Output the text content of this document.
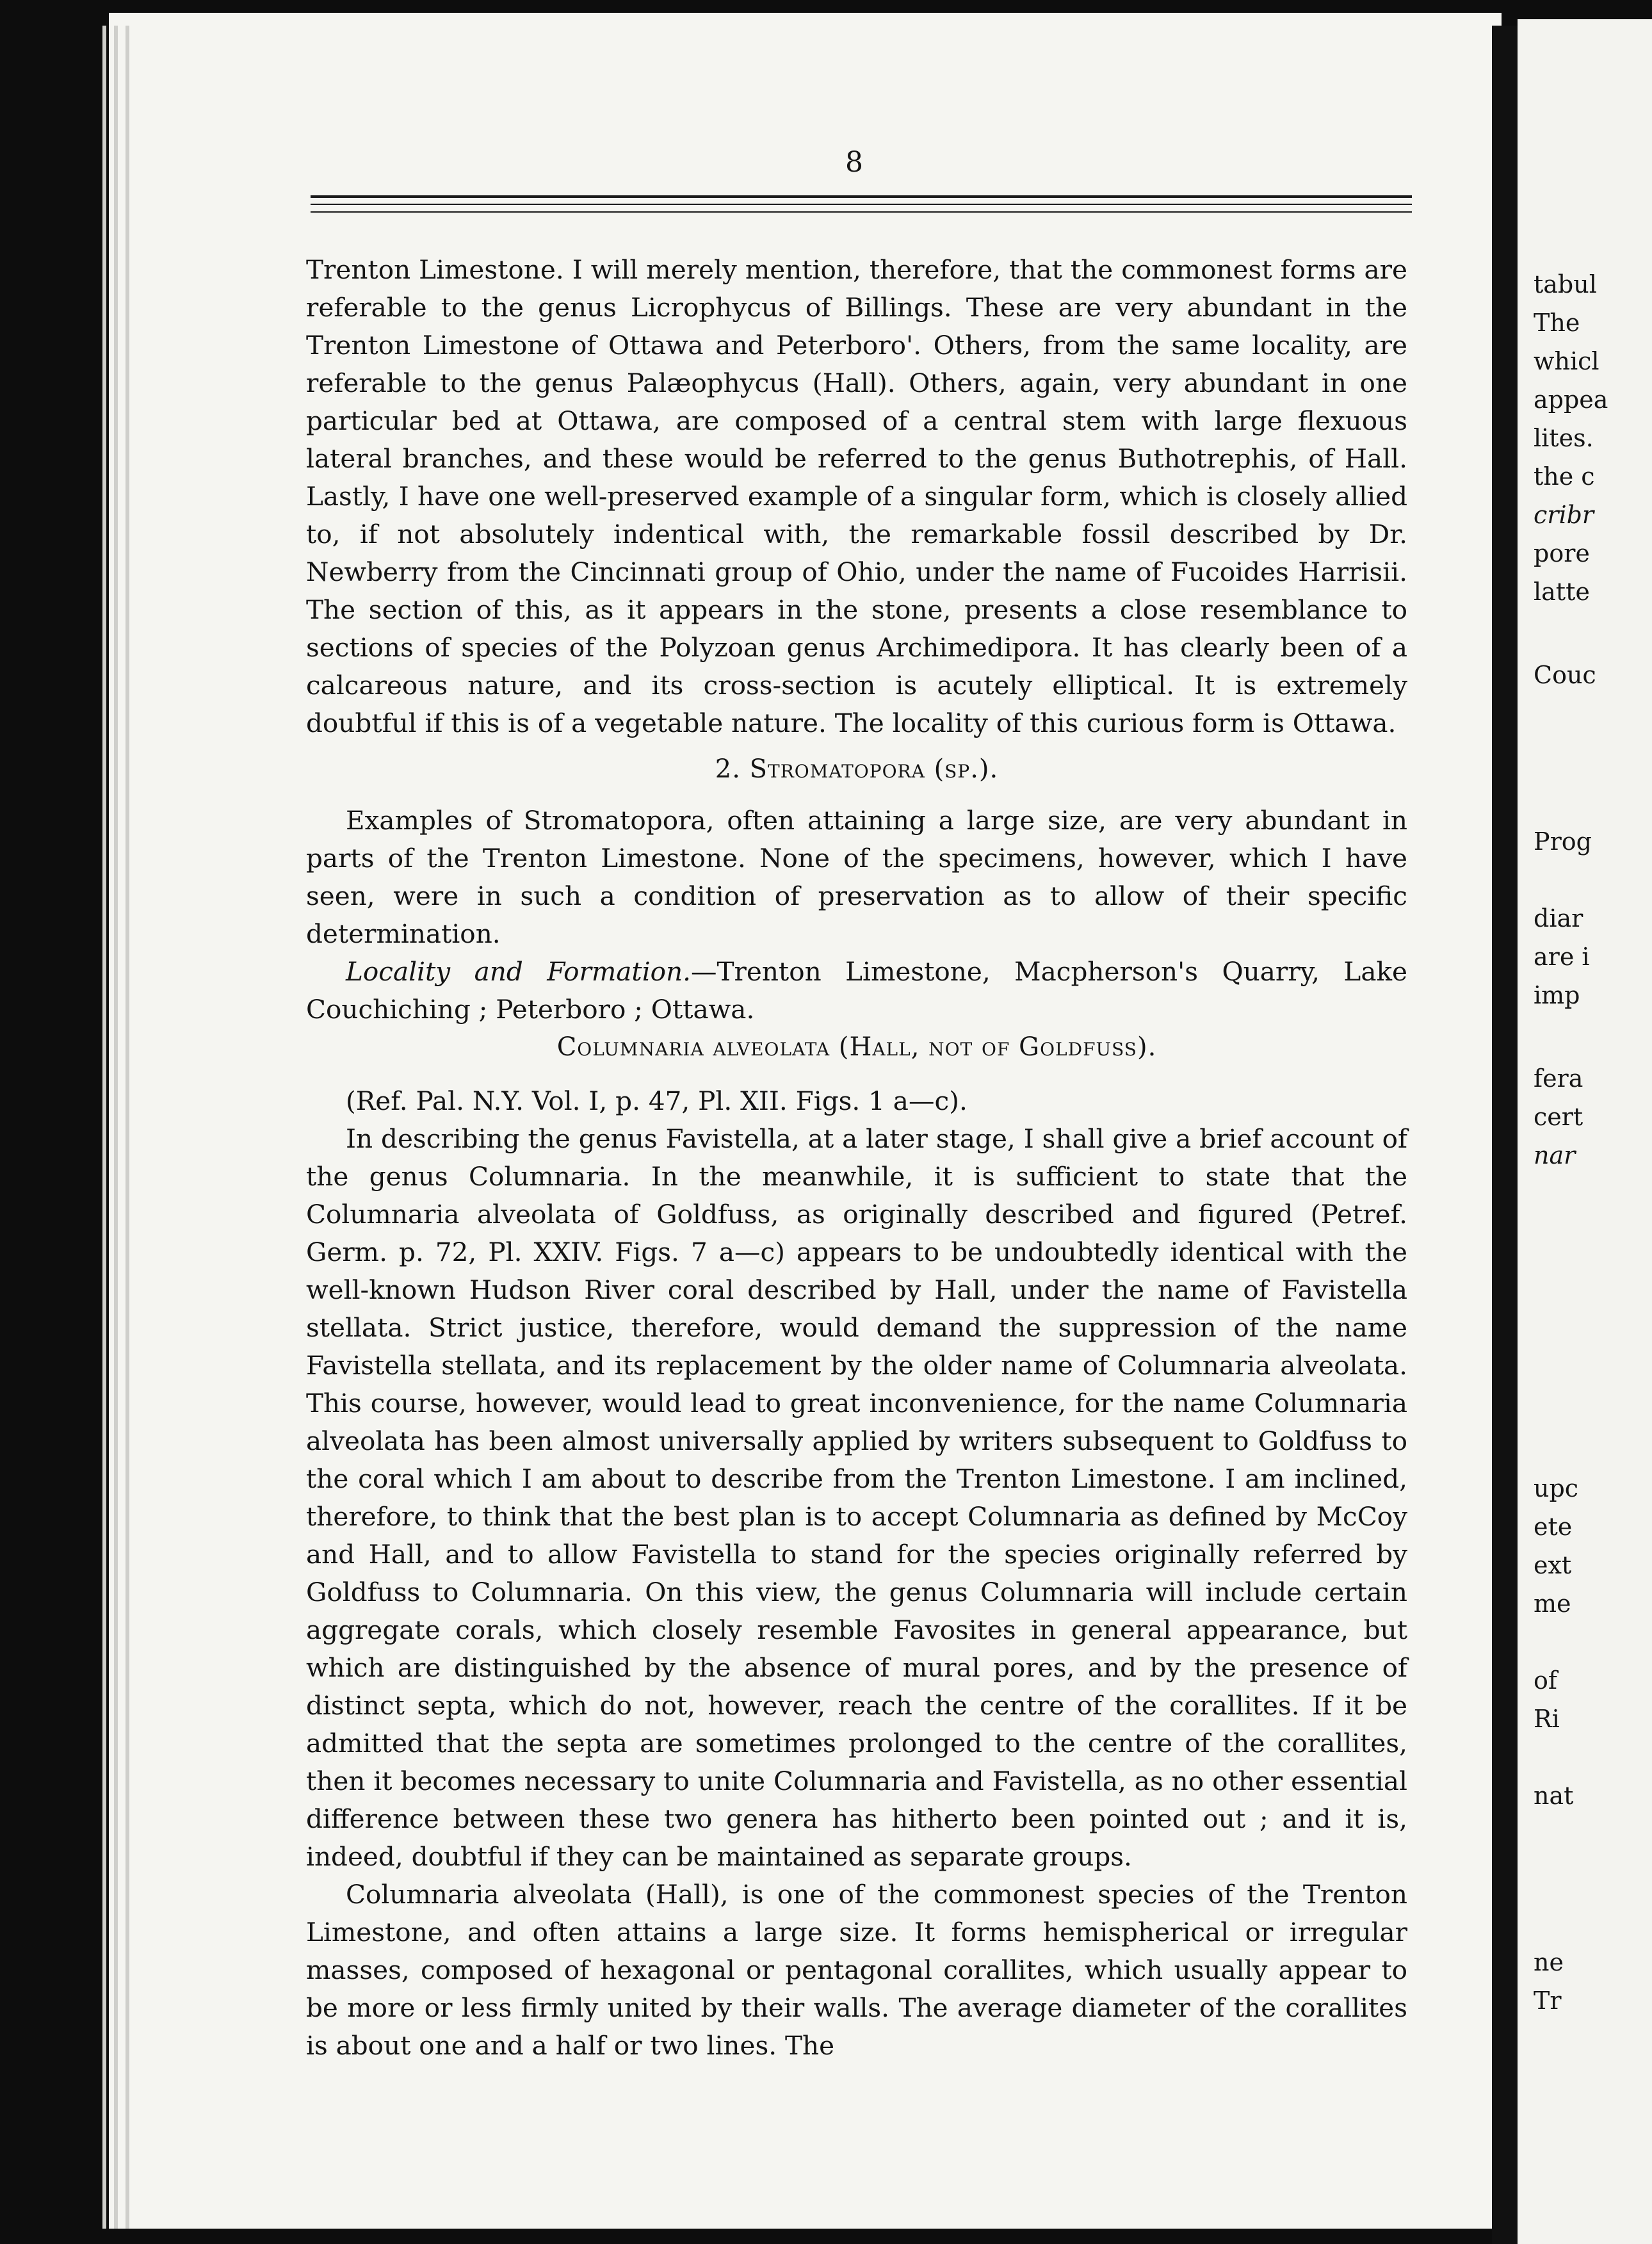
8

Trenton Limestone. I will merely mention, therefore, that the commonest forms are referable to the genus Licrophycus of Billings. These are very abundant in the Trenton Limestone of Ottawa and Peterboro'. Others, from the same locality, are referable to the genus Palæophycus (Hall). Others, again, very abundant in one particular bed at Ottawa, are composed of a central stem with large flexuous lateral branches, and these would be referred to the genus Buthotrephis, of Hall. Lastly, I have one well-preserved example of a singular form, which is closely allied to, if not absolutely indentical with, the remarkable fossil described by Dr. Newberry from the Cincinnati group of Ohio, under the name of Fucoides Harrisii. The section of this, as it appears in the stone, presents a close resemblance to sections of species of the Polyzoan genus Archimedipora. It has clearly been of a calcareous nature, and its cross-section is acutely elliptical. It is extremely doubtful if this is of a vegetable nature. The locality of this curious form is Ottawa.

2. Stromatopora (sp.).

Examples of Stromatopora, often attaining a large size, are very abundant in parts of the Trenton Limestone. None of the specimens, however, which I have seen, were in such a condition of preservation as to allow of their specific determination.

Locality and Formation.—Trenton Limestone, Macpherson's Quarry, Lake Couchiching ; Peterboro ; Ottawa.

Columnaria alveolata (Hall, not of Goldfuss).

(Ref. Pal. N.Y. Vol. I, p. 47, Pl. XII. Figs. 1 a—c).

In describing the genus Favistella, at a later stage, I shall give a brief account of the genus Columnaria. In the meanwhile, it is sufficient to state that the Columnaria alveolata of Goldfuss, as originally described and figured (Petref. Germ. p. 72, Pl. XXIV. Figs. 7 a—c) appears to be undoubtedly identical with the well-known Hudson River coral described by Hall, under the name of Favistella stellata. Strict justice, therefore, would demand the suppression of the name Favistella stellata, and its replacement by the older name of Columnaria alveolata. This course, however, would lead to great inconvenience, for the name Columnaria alveolata has been almost universally applied by writers subsequent to Goldfuss to the coral which I am about to describe from the Trenton Limestone. I am inclined, therefore, to think that the best plan is to accept Columnaria as defined by McCoy and Hall, and to allow Favistella to stand for the species originally referred by Goldfuss to Columnaria. On this view, the genus Columnaria will include certain aggregate corals, which closely resemble Favosites in general appearance, but which are distinguished by the absence of mural pores, and by the presence of distinct septa, which do not, however, reach the centre of the corallites. If it be admitted that the septa are sometimes prolonged to the centre of the corallites, then it becomes necessary to unite Columnaria and Favistella, as no other essential difference between these two genera has hitherto been pointed out ; and it is, indeed, doubtful if they can be maintained as separate groups.

Columnaria alveolata (Hall), is one of the commonest species of the Trenton Limestone, and often attains a large size. It forms hemispherical or irregular masses, composed of hexagonal or pentagonal corallites, which usually appear to be more or less firmly united by their walls. The average diameter of the corallites is about one and a half or two lines. The

tabul
The
whicl
appea
lites.
the c
cribr
pore
latte
Couc
Prog
diar
are i
imp
fera
cert
nar
upc
ete
ext
me
of
Ri
nat
ne
Tr
